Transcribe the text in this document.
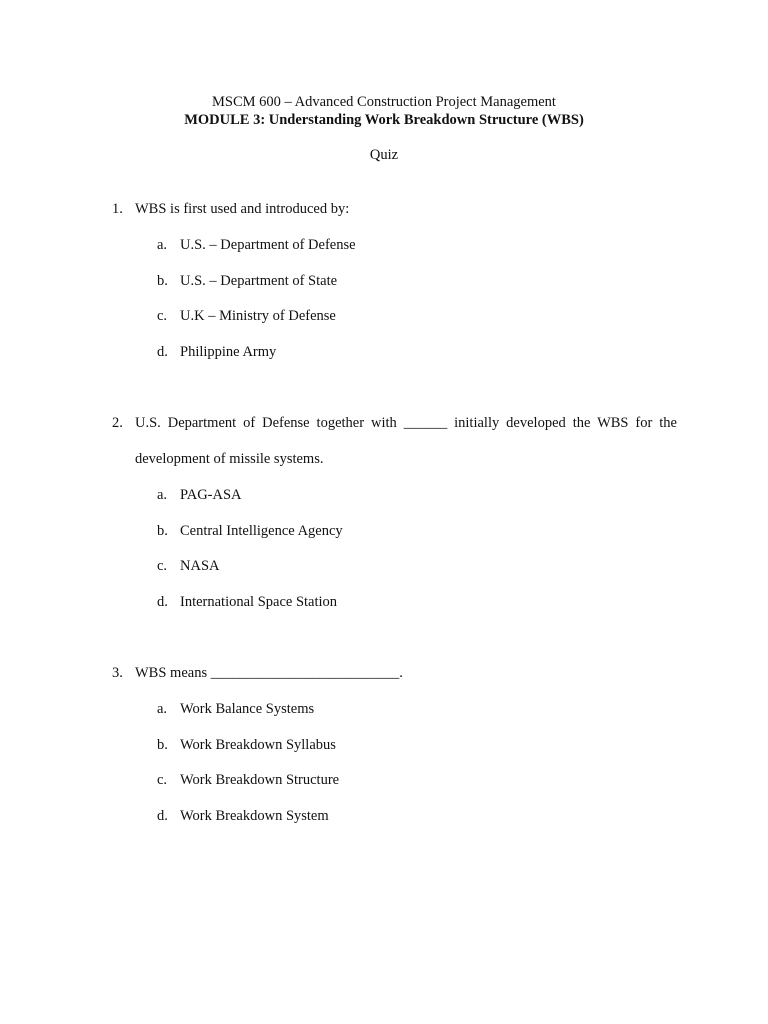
MSCM 600 – Advanced Construction Project Management
MODULE 3: Understanding Work Breakdown Structure (WBS)
Quiz
1. WBS is first used and introduced by:
a. U.S. – Department of Defense
b. U.S. – Department of State
c. U.K – Ministry of Defense
d. Philippine Army
2. U.S. Department of Defense together with ______ initially developed the WBS for the
development of missile systems.
a. PAG-ASA
b. Central Intelligence Agency
c. NASA
d. International Space Station
3. WBS means __________________________.
a. Work Balance Systems
b. Work Breakdown Syllabus
c. Work Breakdown Structure
d. Work Breakdown System
